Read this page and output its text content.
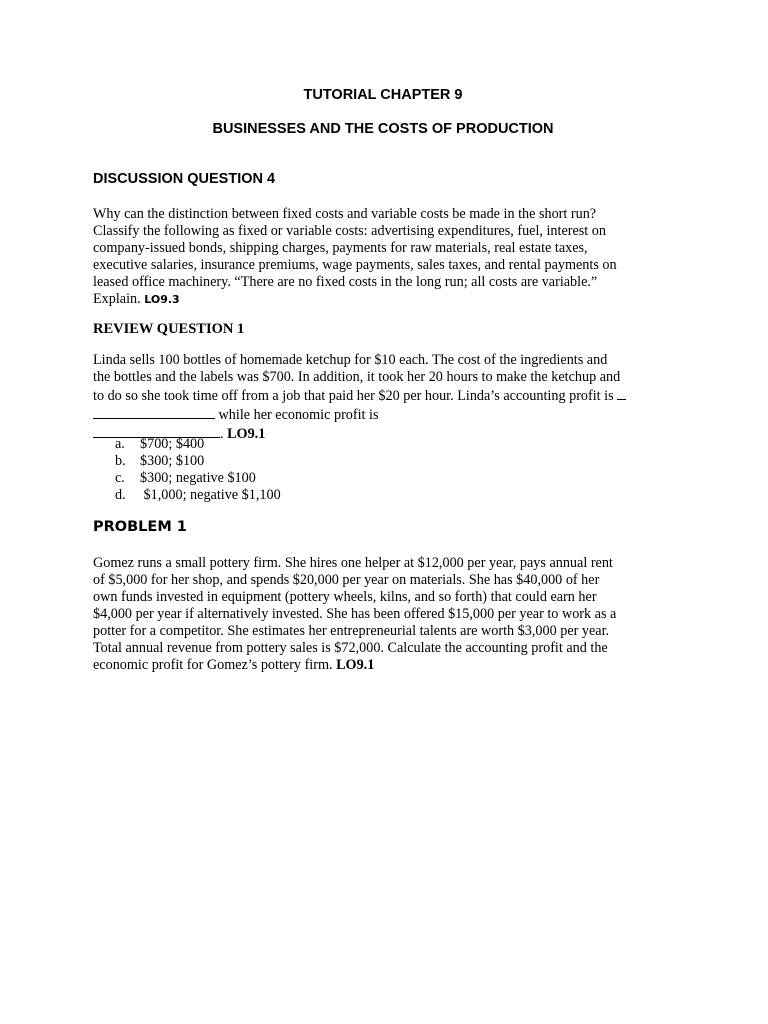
TUTORIAL CHAPTER 9
BUSINESSES AND THE COSTS OF PRODUCTION
DISCUSSION QUESTION 4
Why can the distinction between fixed costs and variable costs be made in the short run?
Classify the following as fixed or variable costs: advertising expenditures, fuel, interest on
company-issued bonds, shipping charges, payments for raw materials, real estate taxes,
executive salaries, insurance premiums, wage payments, sales taxes, and rental payments on
leased office machinery. “There are no fixed costs in the long run; all costs are variable.”
Explain. LO9.3
REVIEW QUESTION 1
Linda sells 100 bottles of homemade ketchup for $10 each. The cost of the ingredients and
the bottles and the labels was $700. In addition, it took her 20 hours to make the ketchup and
to do so she took time off from a job that paid her $20 per hour. Linda’s accounting profit is
while her economic profit is
. LO9.1
a. $700; $400
b. $300; $100
c. $300; negative $100
d. $1,000; negative $1,100
PROBLEM 1
Gomez runs a small pottery firm. She hires one helper at $12,000 per year, pays annual rent
of $5,000 for her shop, and spends $20,000 per year on materials. She has $40,000 of her
own funds invested in equipment (pottery wheels, kilns, and so forth) that could earn her
$4,000 per year if alternatively invested. She has been offered $15,000 per year to work as a
potter for a competitor. She estimates her entrepreneurial talents are worth $3,000 per year.
Total annual revenue from pottery sales is $72,000. Calculate the accounting profit and the
economic profit for Gomez’s pottery firm. LO9.1
